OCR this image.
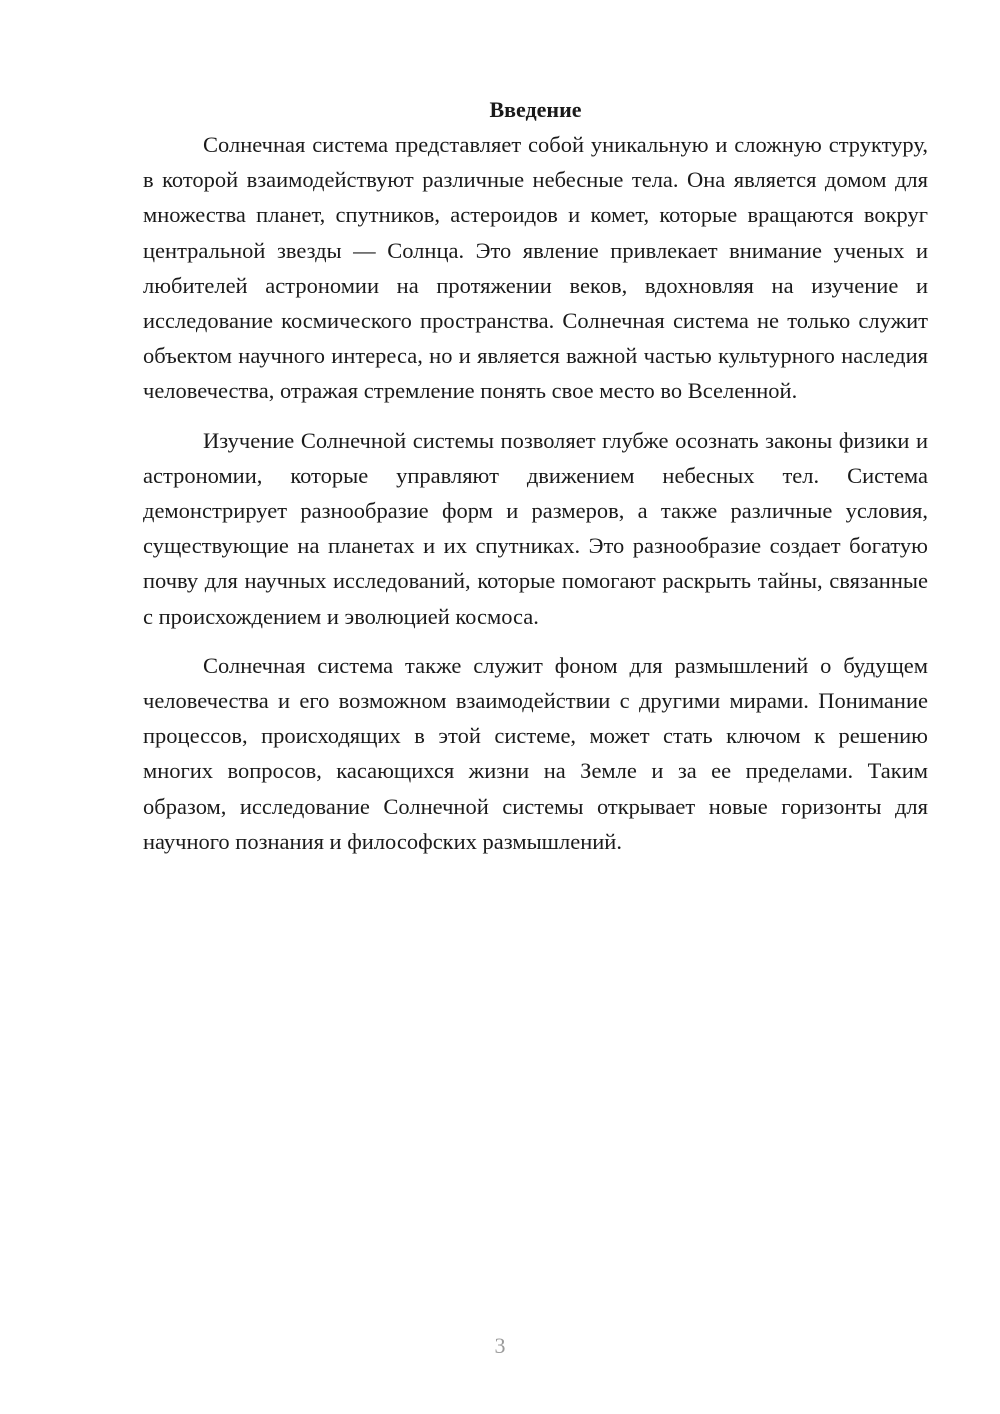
Введение

Солнечная система представляет собой уникальную и сложную структуру, в которой взаимодействуют различные небесные тела. Она является домом для множества планет, спутников, астероидов и комет, которые вращаются вокруг центральной звезды — Солнца. Это явление привлекает внимание ученых и любителей астрономии на протяжении веков, вдохновляя на изучение и исследование космического пространства. Солнечная система не только служит объектом научного интереса, но и является важной частью культурного наследия человечества, отражая стремление понять свое место во Вселенной.

Изучение Солнечной системы позволяет глубже осознать законы физики и астрономии, которые управляют движением небесных тел. Система демонстрирует разнообразие форм и размеров, а также различные условия, существующие на планетах и их спутниках. Это разнообразие создает богатую почву для научных исследований, которые помогают раскрыть тайны, связанные с происхождением и эволюцией космоса.

Солнечная система также служит фоном для размышлений о будущем человечества и его возможном взаимодействии с другими мирами. Понимание процессов, происходящих в этой системе, может стать ключом к решению многих вопросов, касающихся жизни на Земле и за ее пределами. Таким образом, исследование Солнечной системы открывает новые горизонты для научного познания и философских размышлений.

3
